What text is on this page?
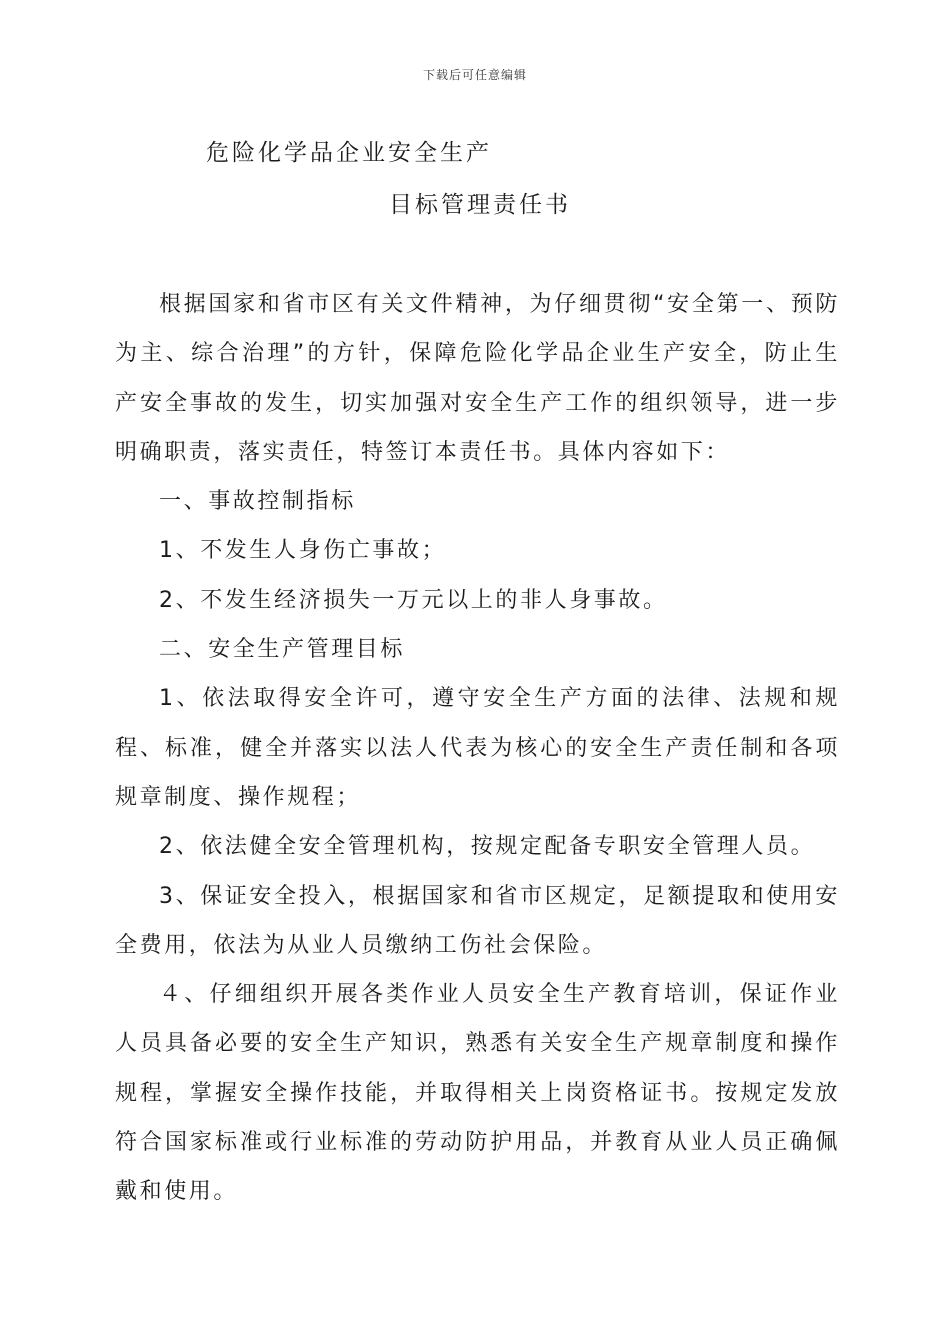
下载后可任意编辑
危险化学品企业安全生产
目标管理责任书

根据国家和省市区有关文件精神，为仔细贯彻“安全第一、预防为主、综合治理”的方针，保障危险化学品企业生产安全，防止生产安全事故的发生，切实加强对安全生产工作的组织领导，进一步明确职责，落实责任，特签订本责任书。具体内容如下：

一、事故控制指标

1、不发生人身伤亡事故；

2、不发生经济损失一万元以上的非人身事故。

二、安全生产管理目标

1、依法取得安全许可，遵守安全生产方面的法律、法规和规程、标准，健全并落实以法人代表为核心的安全生产责任制和各项规章制度、操作规程；

2、依法健全安全管理机构，按规定配备专职安全管理人员。

3、保证安全投入，根据国家和省市区规定，足额提取和使用安全费用，依法为从业人员缴纳工伤社会保险。

４、仔细组织开展各类作业人员安全生产教育培训，保证作业人员具备必要的安全生产知识，熟悉有关安全生产规章制度和操作规程，掌握安全操作技能，并取得相关上岗资格证书。按规定发放符合国家标准或行业标准的劳动防护用品，并教育从业人员正确佩戴和使用。
